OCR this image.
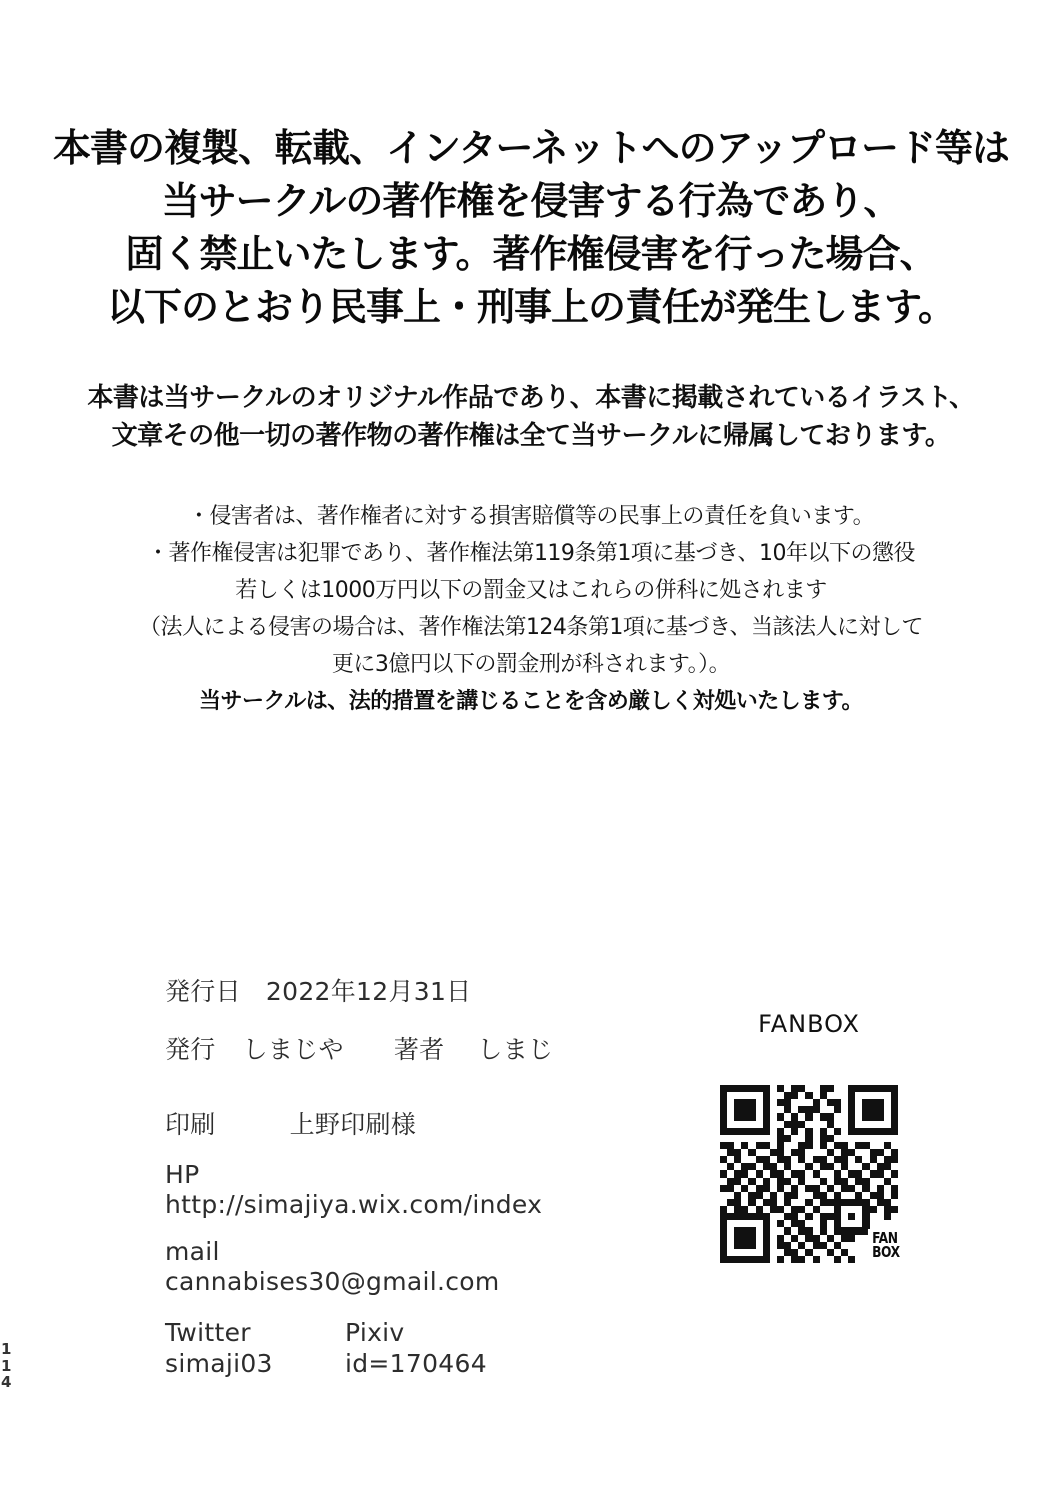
本書の複製、転載、インターネットへのアップロード等は
当サークルの著作権を侵害する行為であり、
固く禁止いたします。著作権侵害を行った場合、
以下のとおり民事上・刑事上の責任が発生します。
本書は当サークルのオリジナル作品であり、本書に掲載されているイラスト、
文章その他一切の著作物の著作権は全て当サークルに帰属しております。
・侵害者は、著作権者に対する損害賠償等の民事上の責任を負います。
・著作権侵害は犯罪であり、著作権法第119条第1項に基づき、10年以下の懲役
若しくは1000万円以下の罰金又はこれらの併科に処されます
（法人による侵害の場合は、著作権法第124条第1項に基づき、当該法人に対して
更に3億円以下の罰金刑が科されます。）。
当サークルは、法的措置を講じることを含め厳しく対処いたします。
発行日 2022年12月31日
発行 しまじや 著者 しまじ
印刷	上野印刷様
HP
http://simajiya.wix.com/index
mail
cannabises30@gmail.com
Twitter
simaji03
Pixiv
id=170464
FANBOX
FAN
BOX
114
